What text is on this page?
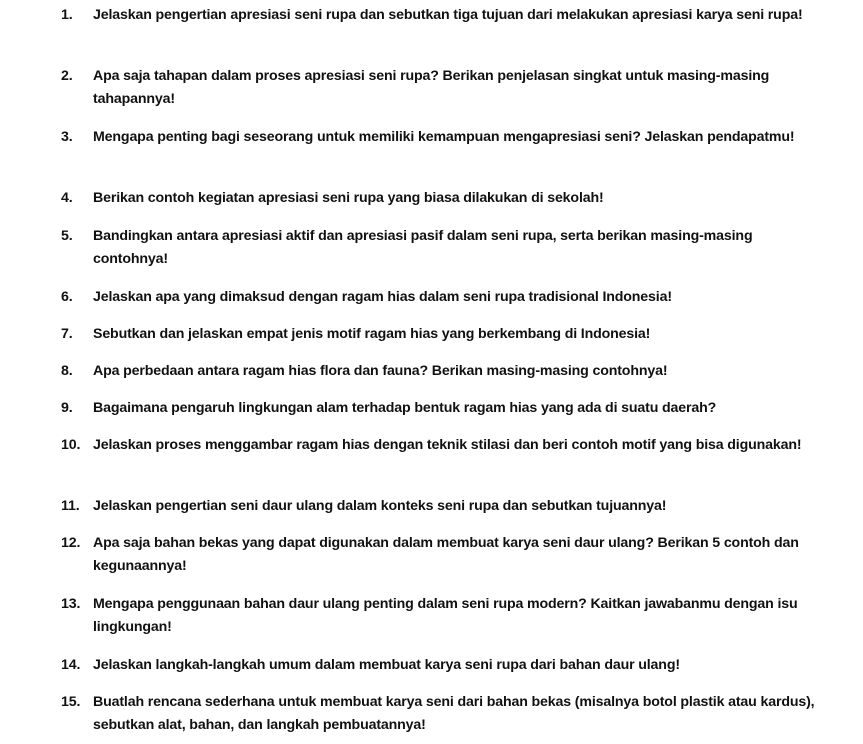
1. Jelaskan pengertian apresiasi seni rupa dan sebutkan tiga tujuan dari melakukan apresiasi karya seni rupa!
2. Apa saja tahapan dalam proses apresiasi seni rupa? Berikan penjelasan singkat untuk masing-masing tahapannya!
3. Mengapa penting bagi seseorang untuk memiliki kemampuan mengapresiasi seni? Jelaskan pendapatmu!
4. Berikan contoh kegiatan apresiasi seni rupa yang biasa dilakukan di sekolah!
5. Bandingkan antara apresiasi aktif dan apresiasi pasif dalam seni rupa, serta berikan masing-masing contohnya!
6. Jelaskan apa yang dimaksud dengan ragam hias dalam seni rupa tradisional Indonesia!
7. Sebutkan dan jelaskan empat jenis motif ragam hias yang berkembang di Indonesia!
8. Apa perbedaan antara ragam hias flora dan fauna? Berikan masing-masing contohnya!
9. Bagaimana pengaruh lingkungan alam terhadap bentuk ragam hias yang ada di suatu daerah?
10. Jelaskan proses menggambar ragam hias dengan teknik stilasi dan beri contoh motif yang bisa digunakan!
11. Jelaskan pengertian seni daur ulang dalam konteks seni rupa dan sebutkan tujuannya!
12. Apa saja bahan bekas yang dapat digunakan dalam membuat karya seni daur ulang? Berikan 5 contoh dan kegunaannya!
13. Mengapa penggunaan bahan daur ulang penting dalam seni rupa modern? Kaitkan jawabanmu dengan isu lingkungan!
14. Jelaskan langkah-langkah umum dalam membuat karya seni rupa dari bahan daur ulang!
15. Buatlah rencana sederhana untuk membuat karya seni dari bahan bekas (misalnya botol plastik atau kardus), sebutkan alat, bahan, dan langkah pembuatannya!
